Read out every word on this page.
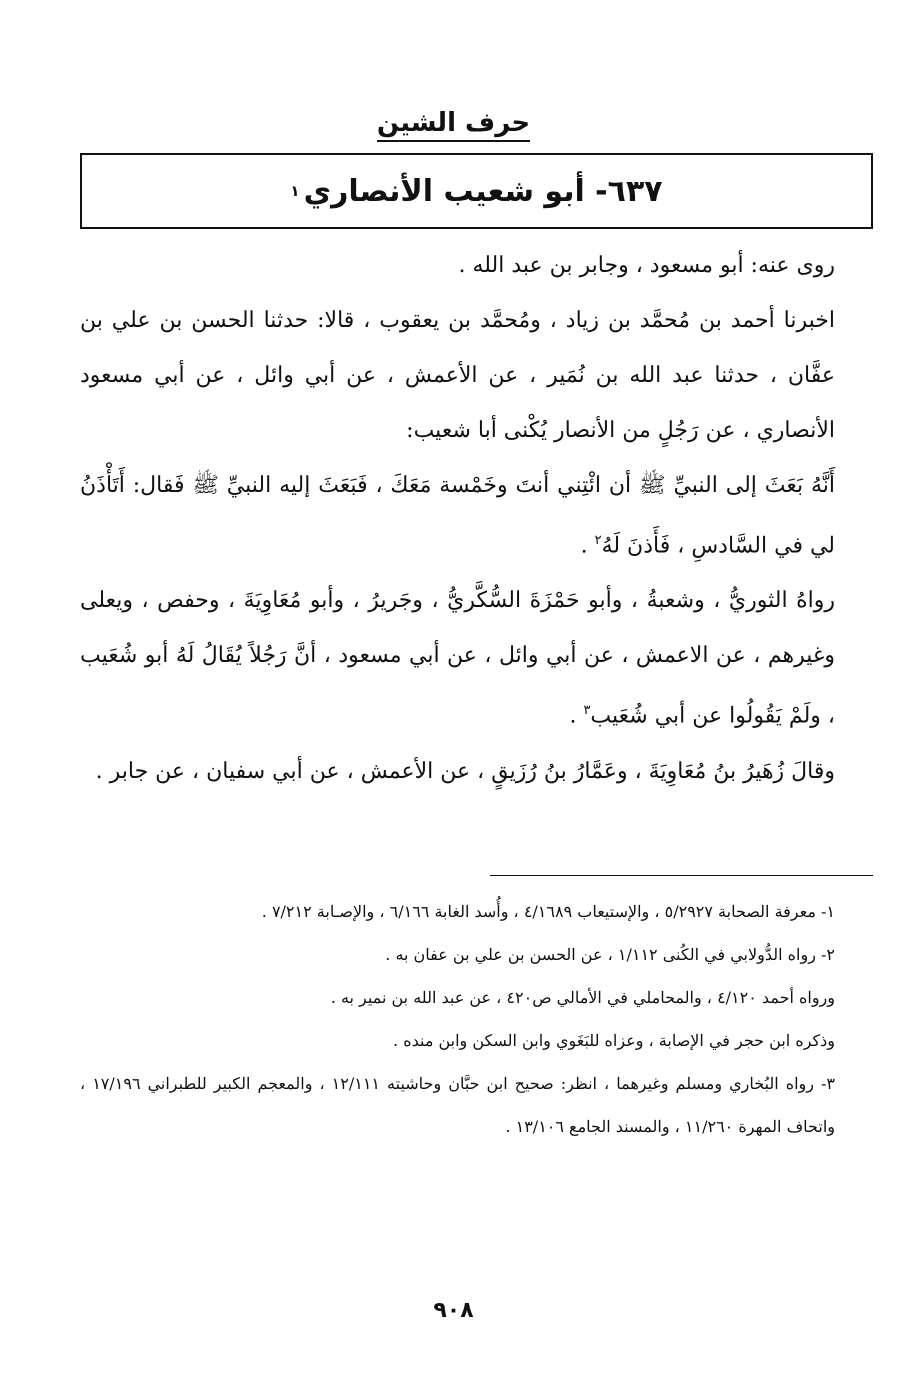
حرف الشين
٦٣٧- أبو شعيب الأنصاري
١

روى عنه: أبو مسعود ، وجابر بن عبد الله .

اخبرنا أحمد بن مُحمَّد بن زياد ، ومُحمَّد بن يعقوب ، قالا: حدثنا الحسن بن علي بن عفَّان ، حدثنا عبد الله بن نُمَير ، عن الأعمش ، عن أبي وائل ، عن أبي مسعود الأنصاري ، عن رَجُلٍ من الأنصار يُكْنى أبا شعيب:

أَنَّهُ بَعَثَ إلى النبيِّ ﷺ أن ائْتِني أنتَ وخَمْسة مَعَكَ ، فَبَعَثَ إليه النبيِّ ﷺ فَقال: أَتَأْذَنُ لي في السَّادسِ ، فَأَذنَ لَهُ$^٢$ .

رواهُ الثوريُّ ، وشعبةُ ، وأبو حَمْزَةَ السُّكَّريُّ ، وجَريرُ ، وأبو مُعَاوِيَةَ ، وحفص ، ويعلى وغيرهم ، عن الاعمش ، عن أبي وائل ، عن أبي مسعود ، أنَّ رَجُلاً يُقَالُ لَهُ أبو شُعَيب ، ولَمْ يَقُولُوا عن أبي شُعَيب$^٣$ .

وقالَ زُهَيرُ بنُ مُعَاوِيَةَ ، وعَمَّارُ بنُ رُزَيقٍ ، عن الأعمش ، عن أبي سفيان ، عن جابر .

١- معرفة الصحابة ٥/٢٩٢٧ ، والإستيعاب ٤/١٦٨٩ ، وأُسد الغابة ٦/١٦٦ ، والإصـابة ٧/٢١٢ .

٢- رواه الدُّولابي في الكُنى ١/١١٢ ، عن الحسن بن علي بن عفان به .

ورواه أحمد ٤/١٢٠ ، والمحاملي في الأمالي ص٤٢٠ ، عن عبد الله بن نمير به .

وذكره ابن حجر في الإصابة ، وعزاه للبَغَوي وابن السكن وابن منده .

٣- رواه البُخاري ومسلم وغيرهما ، انظر: صحيح ابن حبَّان وحاشيته ١٢/١١١ ، والمعجم الكبير للطبراني ١٧/١٩٦ ، واتحاف المهرة ١١/٢٦٠ ، والمسند الجامع ١٣/١٠٦ .

٩٠٨
